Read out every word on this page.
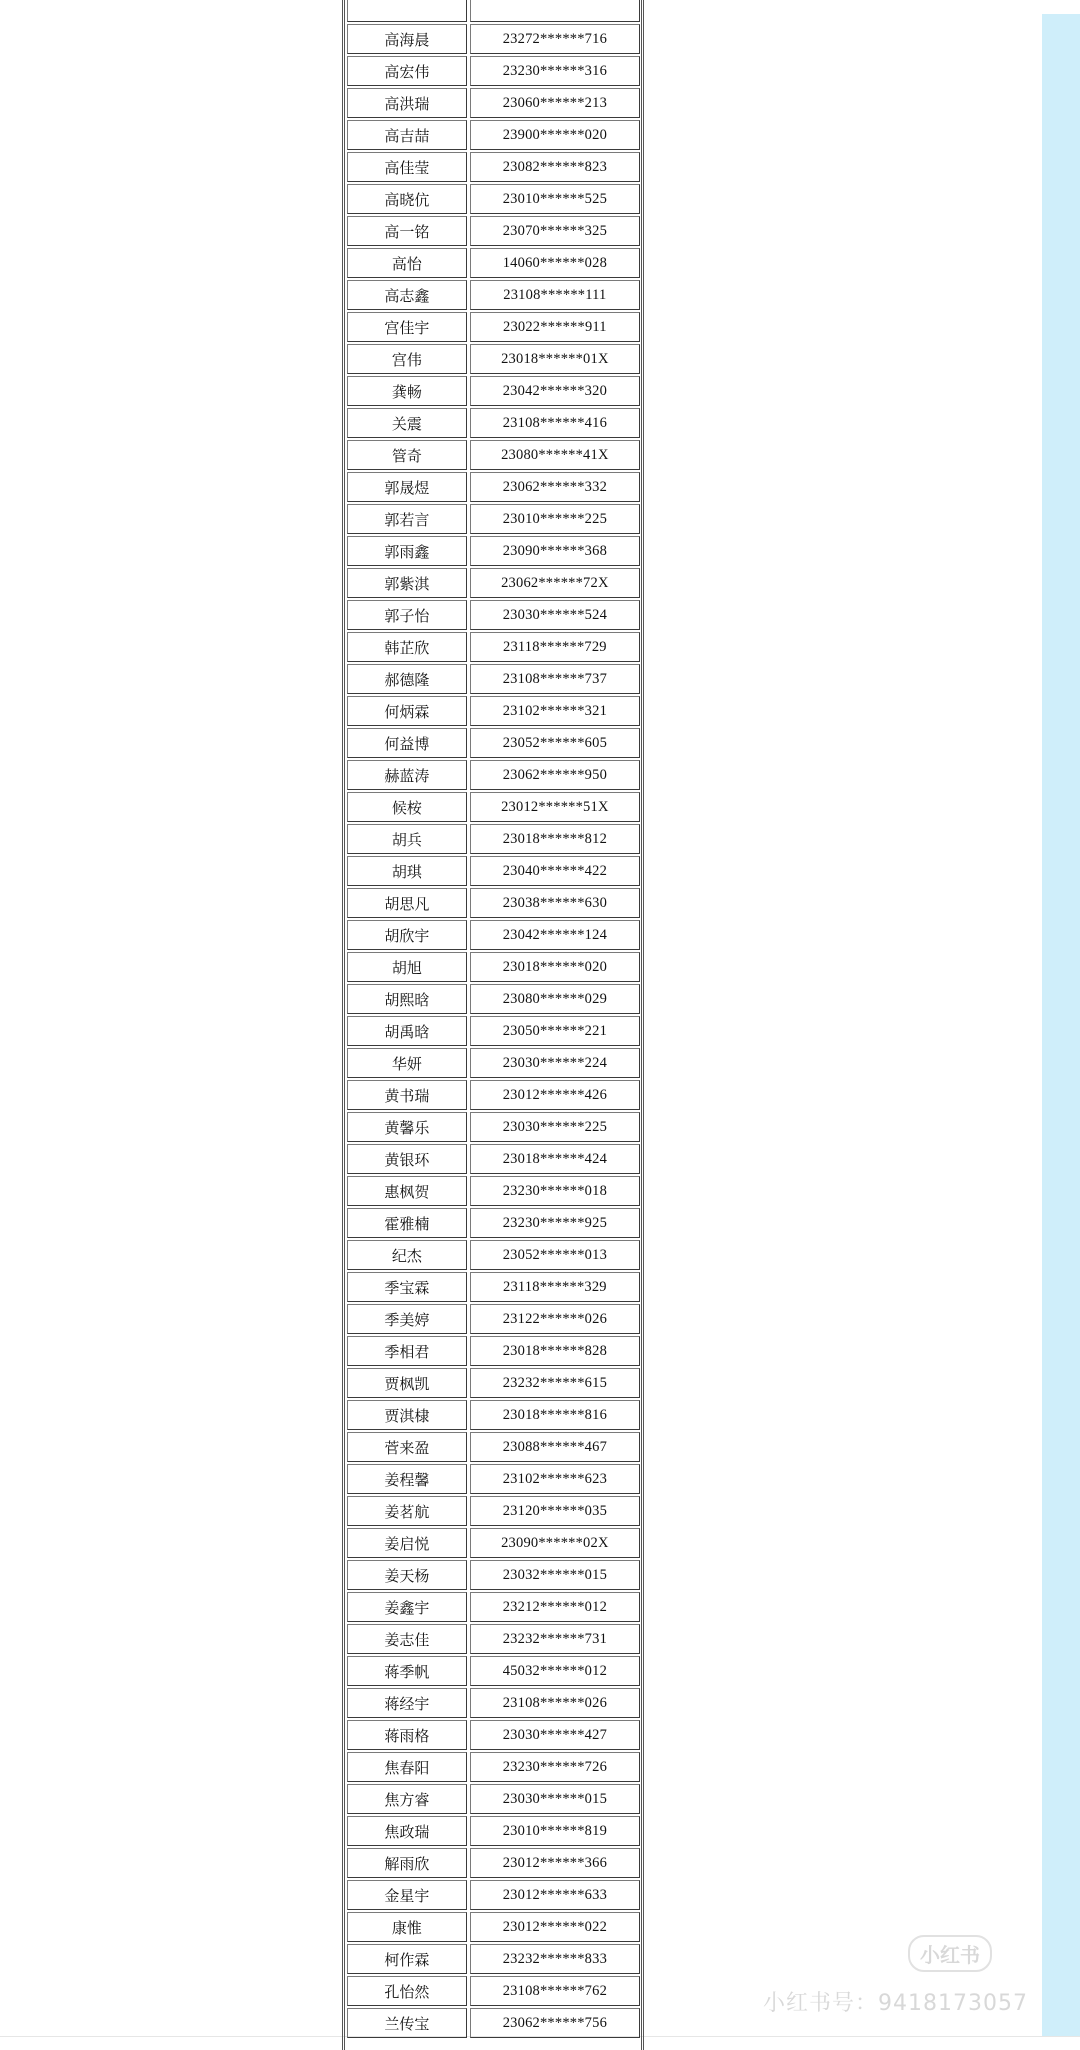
高海晨	23272******716
高宏伟	23230******316
高洪瑞	23060******213
高吉喆	23900******020
高佳莹	23082******823
高晓伉	23010******525
高一铭	23070******325
高怡	14060******028
高志鑫	23108******111
宫佳宇	23022******911
宫伟	23018******01X
龚畅	23042******320
关震	23108******416
管奇	23080******41X
郭晟煜	23062******332
郭若言	23010******225
郭雨鑫	23090******368
郭紫淇	23062******72X
郭子怡	23030******524
韩芷欣	23118******729
郝德隆	23108******737
何炳霖	23102******321
何益博	23052******605
赫蓝涛	23062******950
候桉	23012******51X
胡兵	23018******812
胡琪	23040******422
胡思凡	23038******630
胡欣宇	23042******124
胡旭	23018******020
胡熙晗	23080******029
胡禹晗	23050******221
华妍	23030******224
黄书瑞	23012******426
黄馨乐	23030******225
黄银环	23018******424
惠枫贺	23230******018
霍雅楠	23230******925
纪杰	23052******013
季宝霖	23118******329
季美婷	23122******026
季相君	23018******828
贾枫凯	23232******615
贾淇棣	23018******816
菅来盈	23088******467
姜程馨	23102******623
姜茗航	23120******035
姜启悦	23090******02X
姜天杨	23032******015
姜鑫宇	23212******012
姜志佳	23232******731
蒋季帆	45032******012
蒋经宇	23108******026
蒋雨格	23030******427
焦春阳	23230******726
焦方睿	23030******015
焦政瑞	23010******819
解雨欣	23012******366
金星宇	23012******633
康惟	23012******022
柯作霖	23232******833
孔怡然	23108******762
兰传宝	23062******756
小红书
小红书号：9418173057
